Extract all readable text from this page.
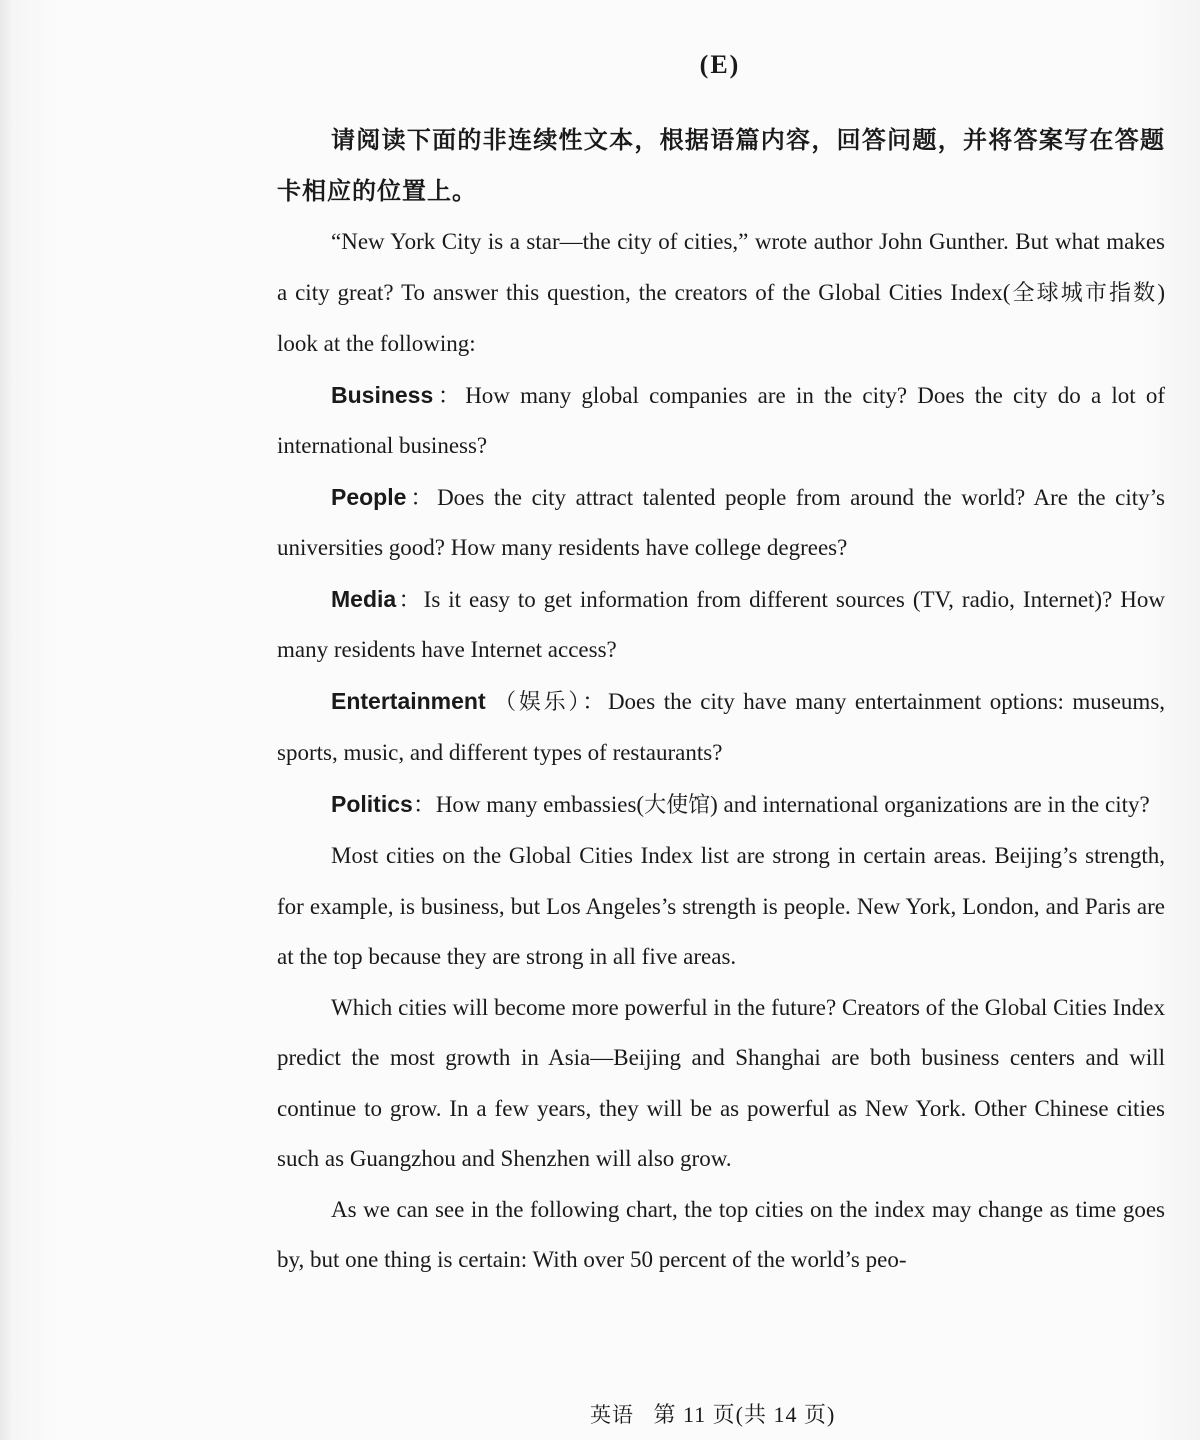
(E)

请阅读下面的非连续性文本，根据语篇内容，回答问题，并将答案写在答题卡相应的位置上。

“New York City is a star—the city of cities,” wrote author John Gunther. But what makes a city great? To answer this question, the creators of the Global Cities Index(全球城市指数) look at the following:

Business：How many global companies are in the city? Does the city do a lot of international business?

People：Does the city attract talented people from around the world? Are the city’s universities good? How many residents have college degrees?

Media：Is it easy to get information from different sources (TV, radio, Internet)? How many residents have Internet access?

Entertainment （娱乐）：Does the city have many entertainment options: museums, sports, music, and different types of restaurants?

Politics：How many embassies(大使馆) and international organizations are in the city?

Most cities on the Global Cities Index list are strong in certain areas. Beijing’s strength, for example, is business, but Los Angeles’s strength is people. New York, London, and Paris are at the top because they are strong in all five areas.

Which cities will become more powerful in the future? Creators of the Global Cities Index predict the most growth in Asia—Beijing and Shanghai are both business centers and will continue to grow. In a few years, they will be as powerful as New York. Other Chinese cities such as Guangzhou and Shenzhen will also grow.

As we can see in the following chart, the top cities on the index may change as time goes by, but one thing is certain: With over 50 percent of the world’s peo-

英语 第 11 页(共 14 页)
